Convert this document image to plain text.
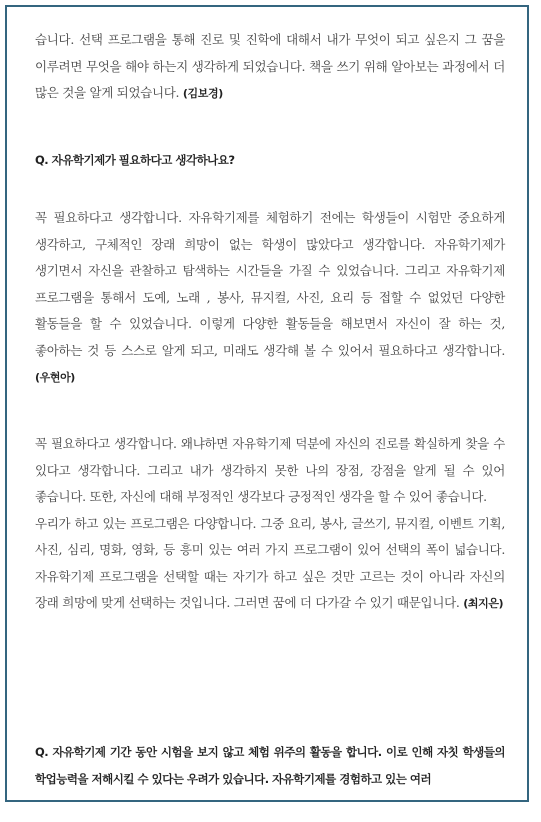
습니다. 선택 프로그램을 통해 진로 및 진학에 대해서 내가 무엇이 되고 싶은지 그 꿈을 이루려면 무엇을 해야 하는지 생각하게 되었습니다. 책을 쓰기 위해 알아보는 과정에서 더 많은 것을 알게 되었습니다. (김보경)

Q. 자유학기제가 필요하다고 생각하나요?

꼭 필요하다고 생각합니다. 자유학기제를 체험하기 전에는 학생들이 시험만 중요하게 생각하고, 구체적인 장래 희망이 없는 학생이 많았다고 생각합니다. 자유학기제가 생기면서 자신을 관찰하고 탐색하는 시간들을 가질 수 있었습니다. 그리고 자유학기제 프로그램을 통해서 도예, 노래 , 봉사, 뮤지컬, 사진, 요리 등 접할 수 없었던 다양한 활동들을 할 수 있었습니다. 이렇게 다양한 활동들을 해보면서 자신이 잘 하는 것, 좋아하는 것 등 스스로 알게 되고, 미래도 생각해 볼 수 있어서 필요하다고 생각합니다.(우현아)

꼭 필요하다고 생각합니다. 왜냐하면 자유학기제 덕분에 자신의 진로를 확실하게 찾을 수 있다고 생각합니다. 그리고 내가 생각하지 못한 나의 장점, 강점을 알게 될 수 있어 좋습니다. 또한, 자신에 대해 부정적인 생각보다 긍정적인 생각을 할 수 있어 좋습니다.
우리가 하고 있는 프로그램은 다양합니다. 그중 요리, 봉사, 글쓰기, 뮤지컬, 이벤트 기획, 사진, 심리, 명화, 영화, 등 흥미 있는 여러 가지 프로그램이 있어 선택의 폭이 넓습니다. 자유학기제 프로그램을 선택할 때는 자기가 하고 싶은 것만 고르는 것이 아니라 자신의 장래 희망에 맞게 선택하는 것입니다. 그러면 꿈에 더 다가갈 수 있기 때문입니다. (최지은)

Q. 자유학기제 기간 동안 시험을 보지 않고 체험 위주의 활동을 합니다. 이로 인해 자칫 학생들의 학업능력을 저해시킬 수 있다는 우려가 있습니다. 자유학기제를 경험하고 있는 여러
